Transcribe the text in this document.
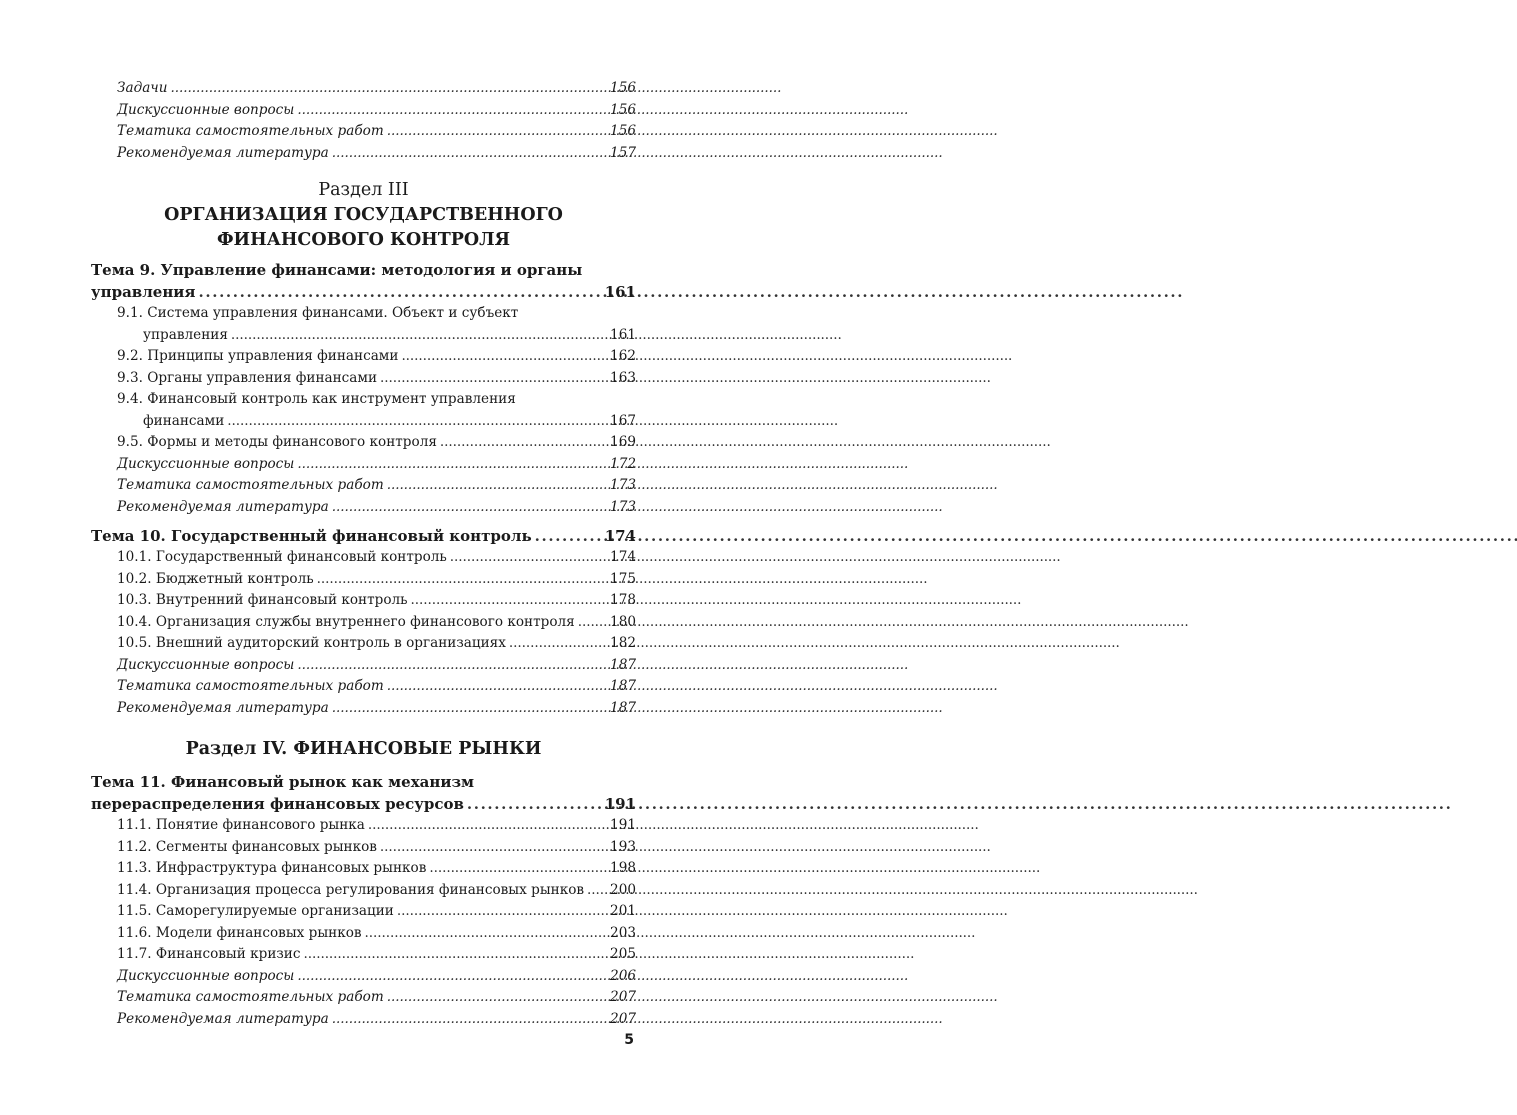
Задачи . . .	156
Дискуссионные вопросы . . .	156
Тематика самостоятельных работ . . .	156
Рекомендуемая литература . . .	157
Раздел III
ОРГАНИЗАЦИЯ ГОСУДАРСТВЕННОГО
ФИНАНСОВОГО КОНТРОЛЯ
Тема 9. Управление финансами: методология и органы
управления . . .	161
9.1. Система управления финансами. Объект и субъект
управления . . .	161
9.2. Принципы управления финансами . . .	162
9.3. Органы управления финансами . . .	163
9.4. Финансовый контроль как инструмент управления
финансами . . .	167
9.5. Формы и методы финансового контроля . . .	169
Дискуссионные вопросы . . .	172
Тематика самостоятельных работ . . .	173
Рекомендуемая литература . . .	173
Тема 10. Государственный финансовый контроль . . .	174
10.1. Государственный финансовый контроль . . .	174
10.2. Бюджетный контроль . . .	175
10.3. Внутренний финансовый контроль . . .	178
10.4. Организация службы внутреннего финансового контроля . . .	180
10.5. Внешний аудиторский контроль в организациях . . .	182
Дискуссионные вопросы . . .	187
Тематика самостоятельных работ . . .	187
Рекомендуемая литература . . .	187
Раздел IV. ФИНАНСОВЫЕ РЫНКИ
Тема 11. Финансовый рынок как механизм
перераспределения финансовых ресурсов . . .	191
11.1. Понятие финансового рынка . . .	191
11.2. Сегменты финансовых рынков . . .	193
11.3. Инфраструктура финансовых рынков . . .	198
11.4. Организация процесса регулирования финансовых рынков . . . 200
11.5. Саморегулируемые организации . . .	201
11.6. Модели финансовых рынков . . .	203
11.7. Финансовый кризис . . .	205
Дискуссионные вопросы . . .	206
Тематика самостоятельных работ . . .	207
Рекомендуемая литература . . .	207
5
